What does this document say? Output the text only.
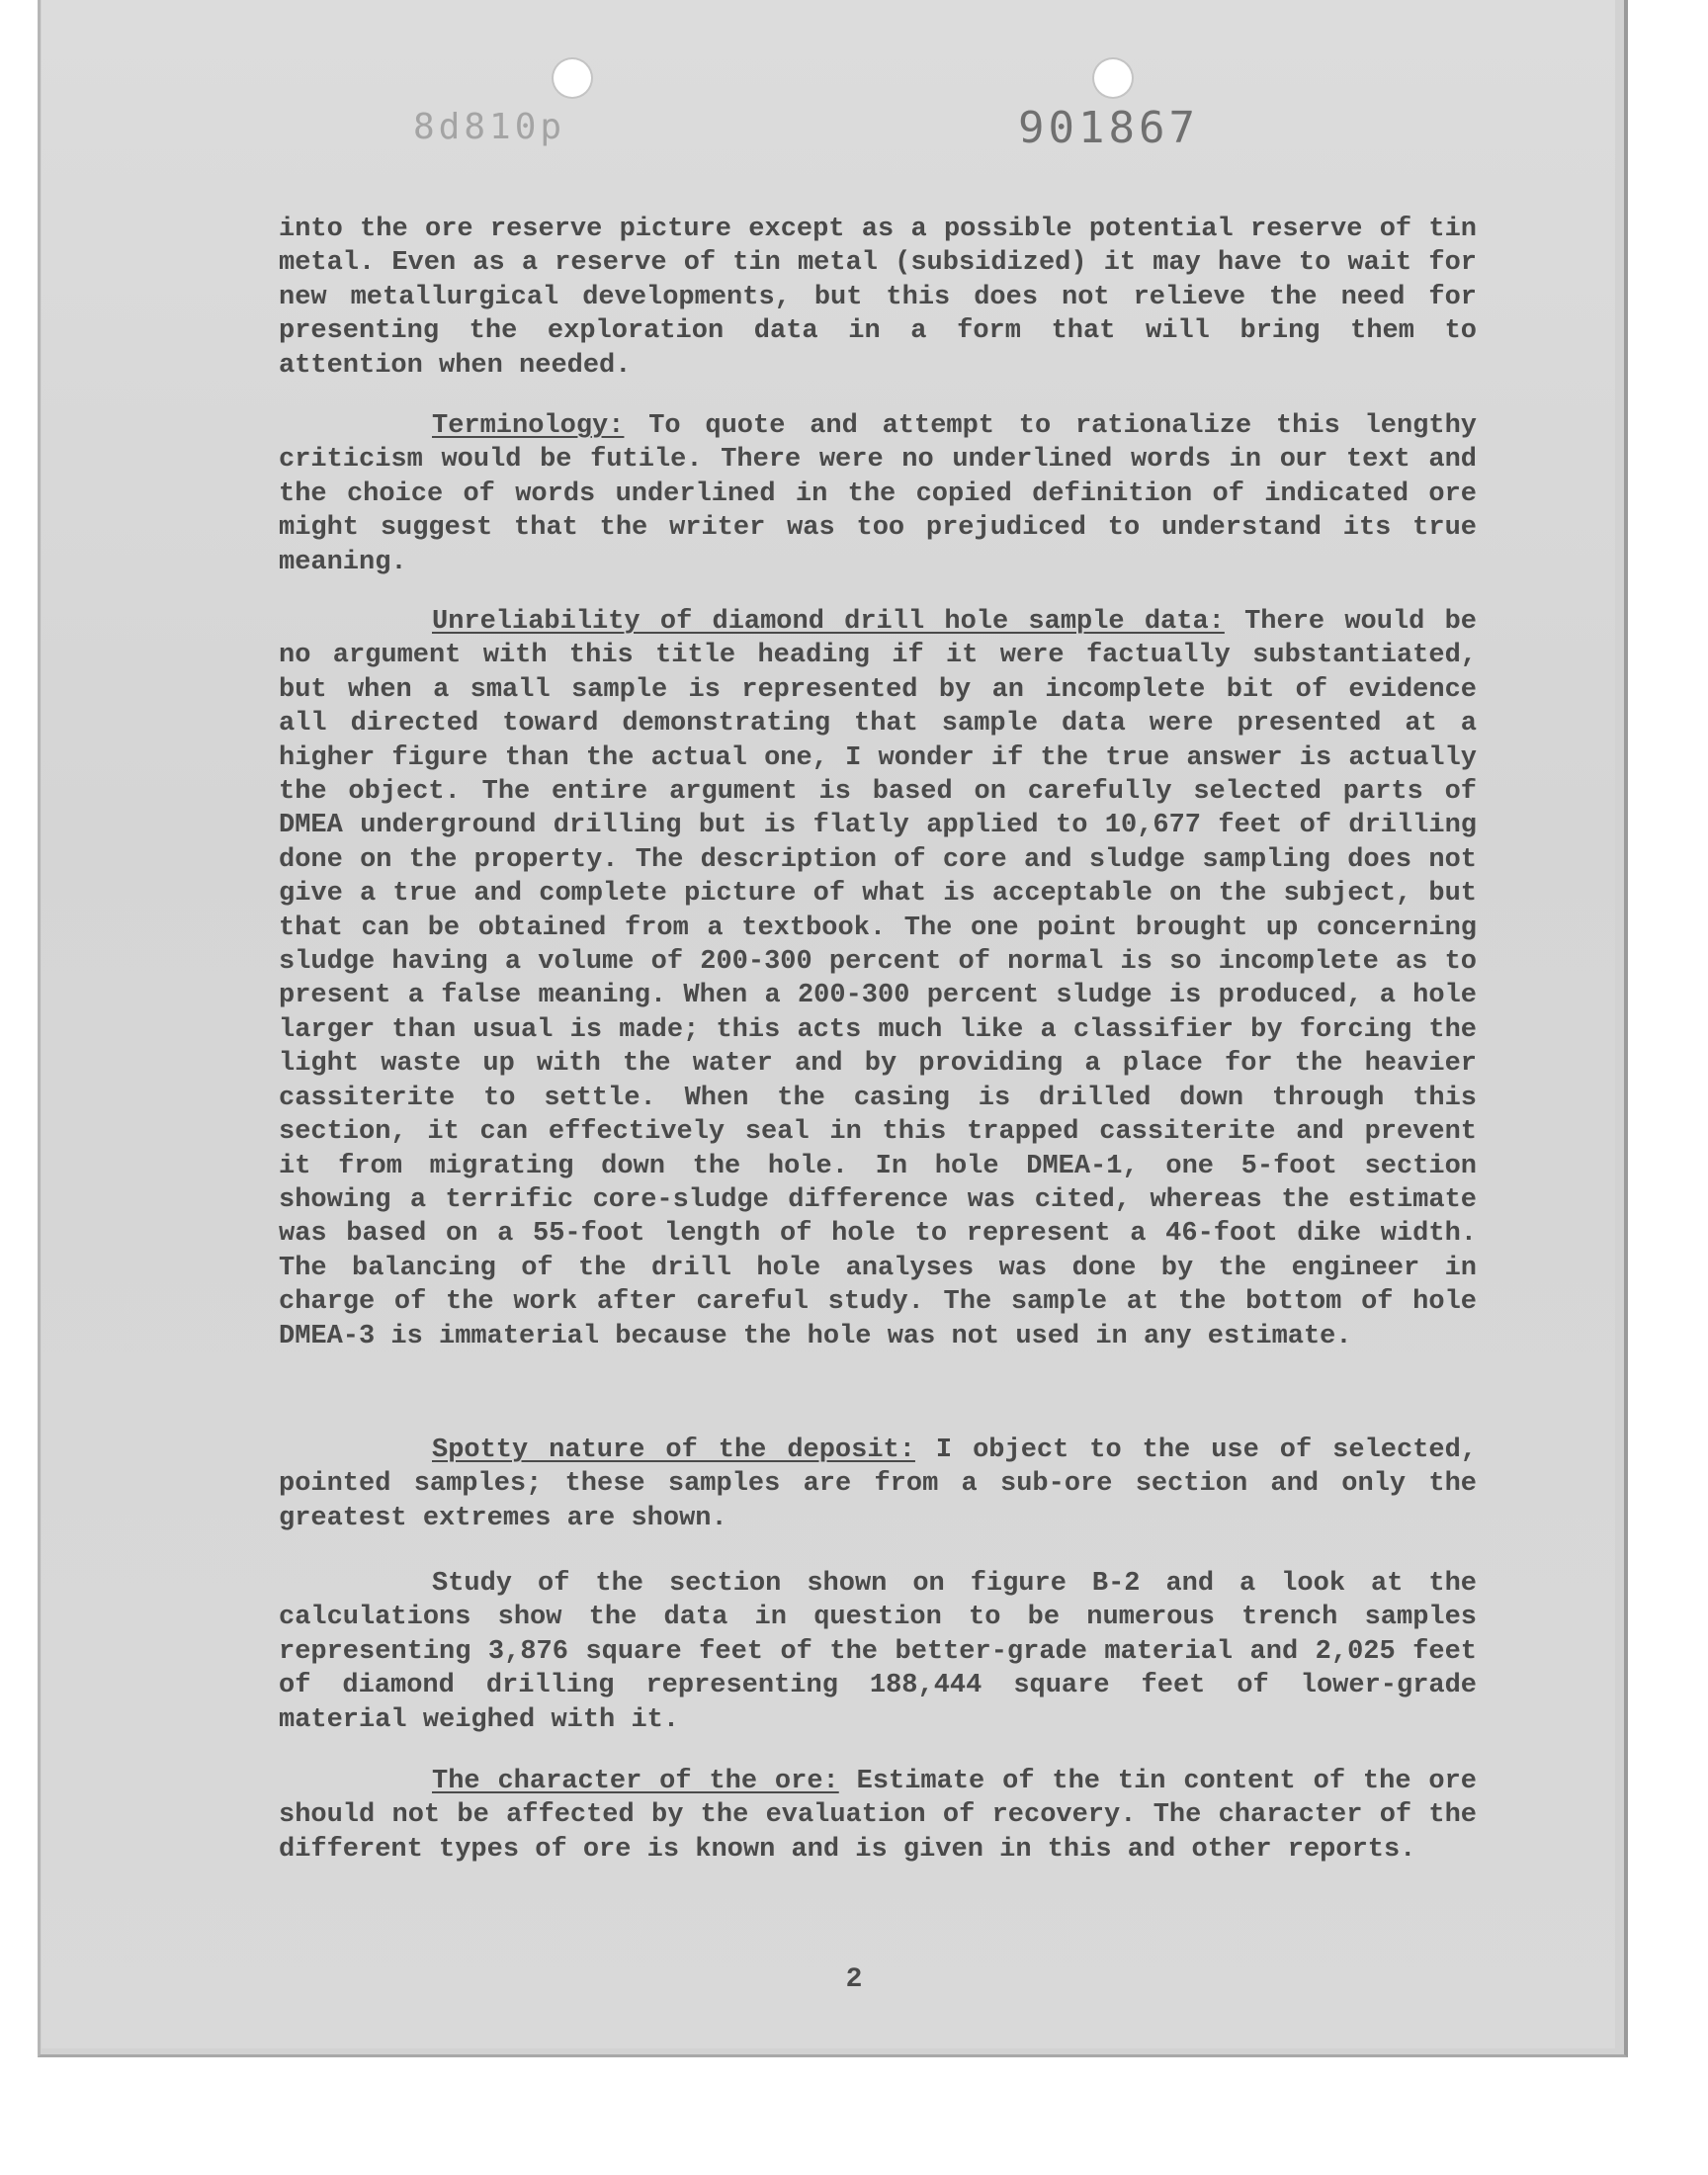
8d810p	901867

into the ore reserve picture except as a possible potential reserve of tin metal. Even as a reserve of tin metal (subsidized) it may have to wait for new metallurgical developments, but this does not relieve the need for presenting the exploration data in a form that will bring them to attention when needed.

Terminology: To quote and attempt to rationalize this lengthy criticism would be futile. There were no underlined words in our text and the choice of words underlined in the copied definition of indicated ore might suggest that the writer was too prejudiced to understand its true meaning.

Unreliability of diamond drill hole sample data: There would be no argument with this title heading if it were factually substantiated, but when a small sample is represented by an incomplete bit of evidence all directed toward demonstrating that sample data were presented at a higher figure than the actual one, I wonder if the true answer is actually the object. The entire argument is based on carefully selected parts of DMEA underground drilling but is flatly applied to 10,677 feet of drilling done on the property. The description of core and sludge sampling does not give a true and complete picture of what is acceptable on the subject, but that can be obtained from a textbook. The one point brought up concerning sludge having a volume of 200-300 percent of normal is so incomplete as to present a false meaning. When a 200-300 percent sludge is produced, a hole larger than usual is made; this acts much like a classifier by forcing the light waste up with the water and by providing a place for the heavier cassiterite to settle. When the casing is drilled down through this section, it can effectively seal in this trapped cassiterite and prevent it from migrating down the hole. In hole DMEA-1, one 5-foot section showing a terrific core-sludge difference was cited, whereas the estimate was based on a 55-foot length of hole to represent a 46-foot dike width. The balancing of the drill hole analyses was done by the engineer in charge of the work after careful study. The sample at the bottom of hole DMEA-3 is immaterial because the hole was not used in any estimate.

Spotty nature of the deposit: I object to the use of selected, pointed samples; these samples are from a sub-ore section and only the greatest extremes are shown.

Study of the section shown on figure B-2 and a look at the calculations show the data in question to be numerous trench samples representing 3,876 square feet of the better-grade material and 2,025 feet of diamond drilling representing 188,444 square feet of lower-grade material weighed with it.

The character of the ore: Estimate of the tin content of the ore should not be affected by the evaluation of recovery. The character of the different types of ore is known and is given in this and other reports.

2
